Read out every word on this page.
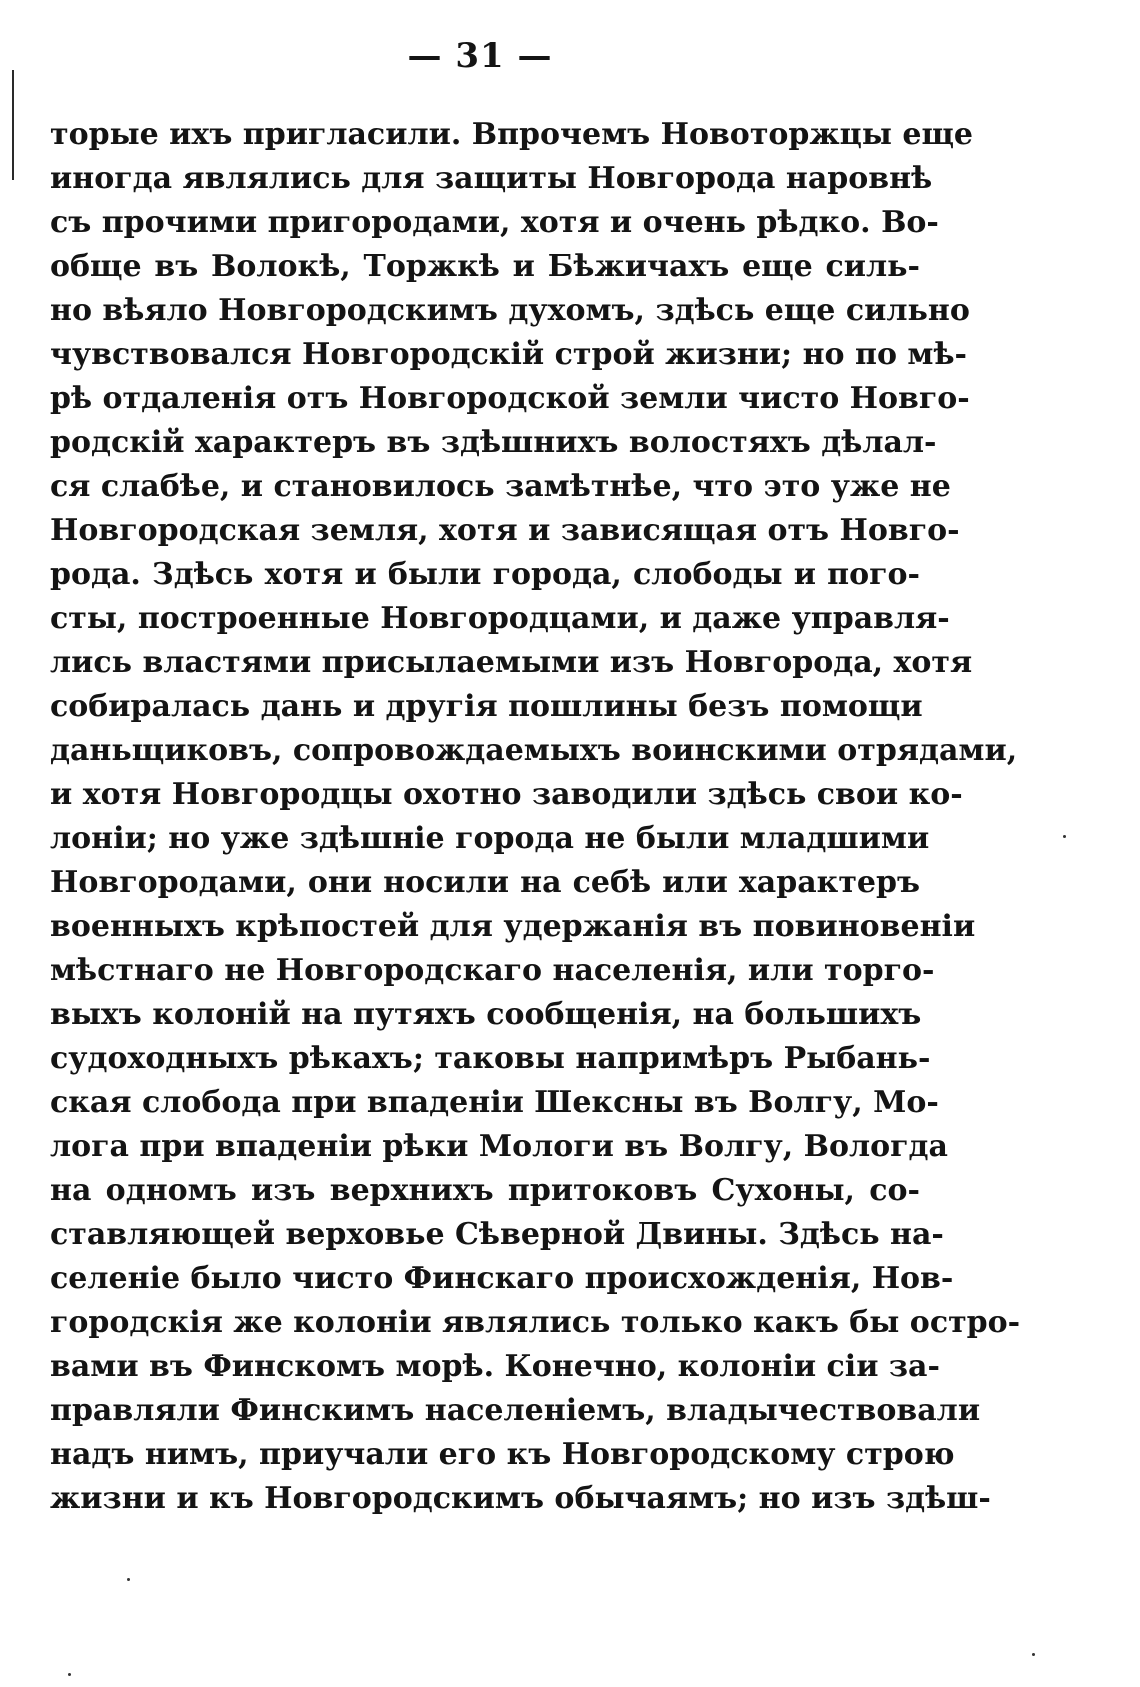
— 31 —
торые ихъ пригласили. Впрочемъ Новоторжцы еще
иногда являлись для защиты Новгорода наровнѣ
съ прочими пригородами, хотя и очень рѣдко. Во-
обще въ Волокѣ, Торжкѣ и Бѣжичахъ еще силь-
но вѣяло Новгородскимъ духомъ, здѣсь еще сильно
чувствовался Новгородскій строй жизни; но по мѣ-
рѣ отдаленія отъ Новгородской земли чисто Новго-
родскій характеръ въ здѣшнихъ волостяхъ дѣлал-
ся слабѣе, и становилось замѣтнѣе, что это уже не
Новгородская земля, хотя и зависящая отъ Новго-
рода. Здѣсь хотя и были города, слободы и пого-
сты, построенные Новгородцами, и даже управля-
лись властями присылаемыми изъ Новгорода, хотя
собиралась дань и другія пошлины безъ помощи
даньщиковъ, сопровождаемыхъ воинскими отрядами,
и хотя Новгородцы охотно заводили здѣсь свои ко-
лоніи; но уже здѣшніе города не были младшими
Новгородами, они носили на себѣ или характеръ
военныхъ крѣпостей для удержанія въ повиновеніи
мѣстнаго не Новгородскаго населенія, или торго-
выхъ колоній на путяхъ сообщенія, на большихъ
судоходныхъ рѣкахъ; таковы напримѣръ Рыбань-
ская слобода при впаденіи Шексны въ Волгу, Мо-
лога при впаденіи рѣки Мологи въ Волгу, Вологда
на одномъ изъ верхнихъ притоковъ Сухоны, со-
ставляющей верховье Сѣверной Двины. Здѣсь на-
селеніе было чисто Финскаго происхожденія, Нов-
городскія же колоніи являлись только какъ бы остро-
вами въ Финскомъ морѣ. Конечно, колоніи сіи за-
правляли Финскимъ населеніемъ, владычествовали
надъ нимъ, приучали его къ Новгородскому строю
жизни и къ Новгородскимъ обычаямъ; но изъ здѣш-
